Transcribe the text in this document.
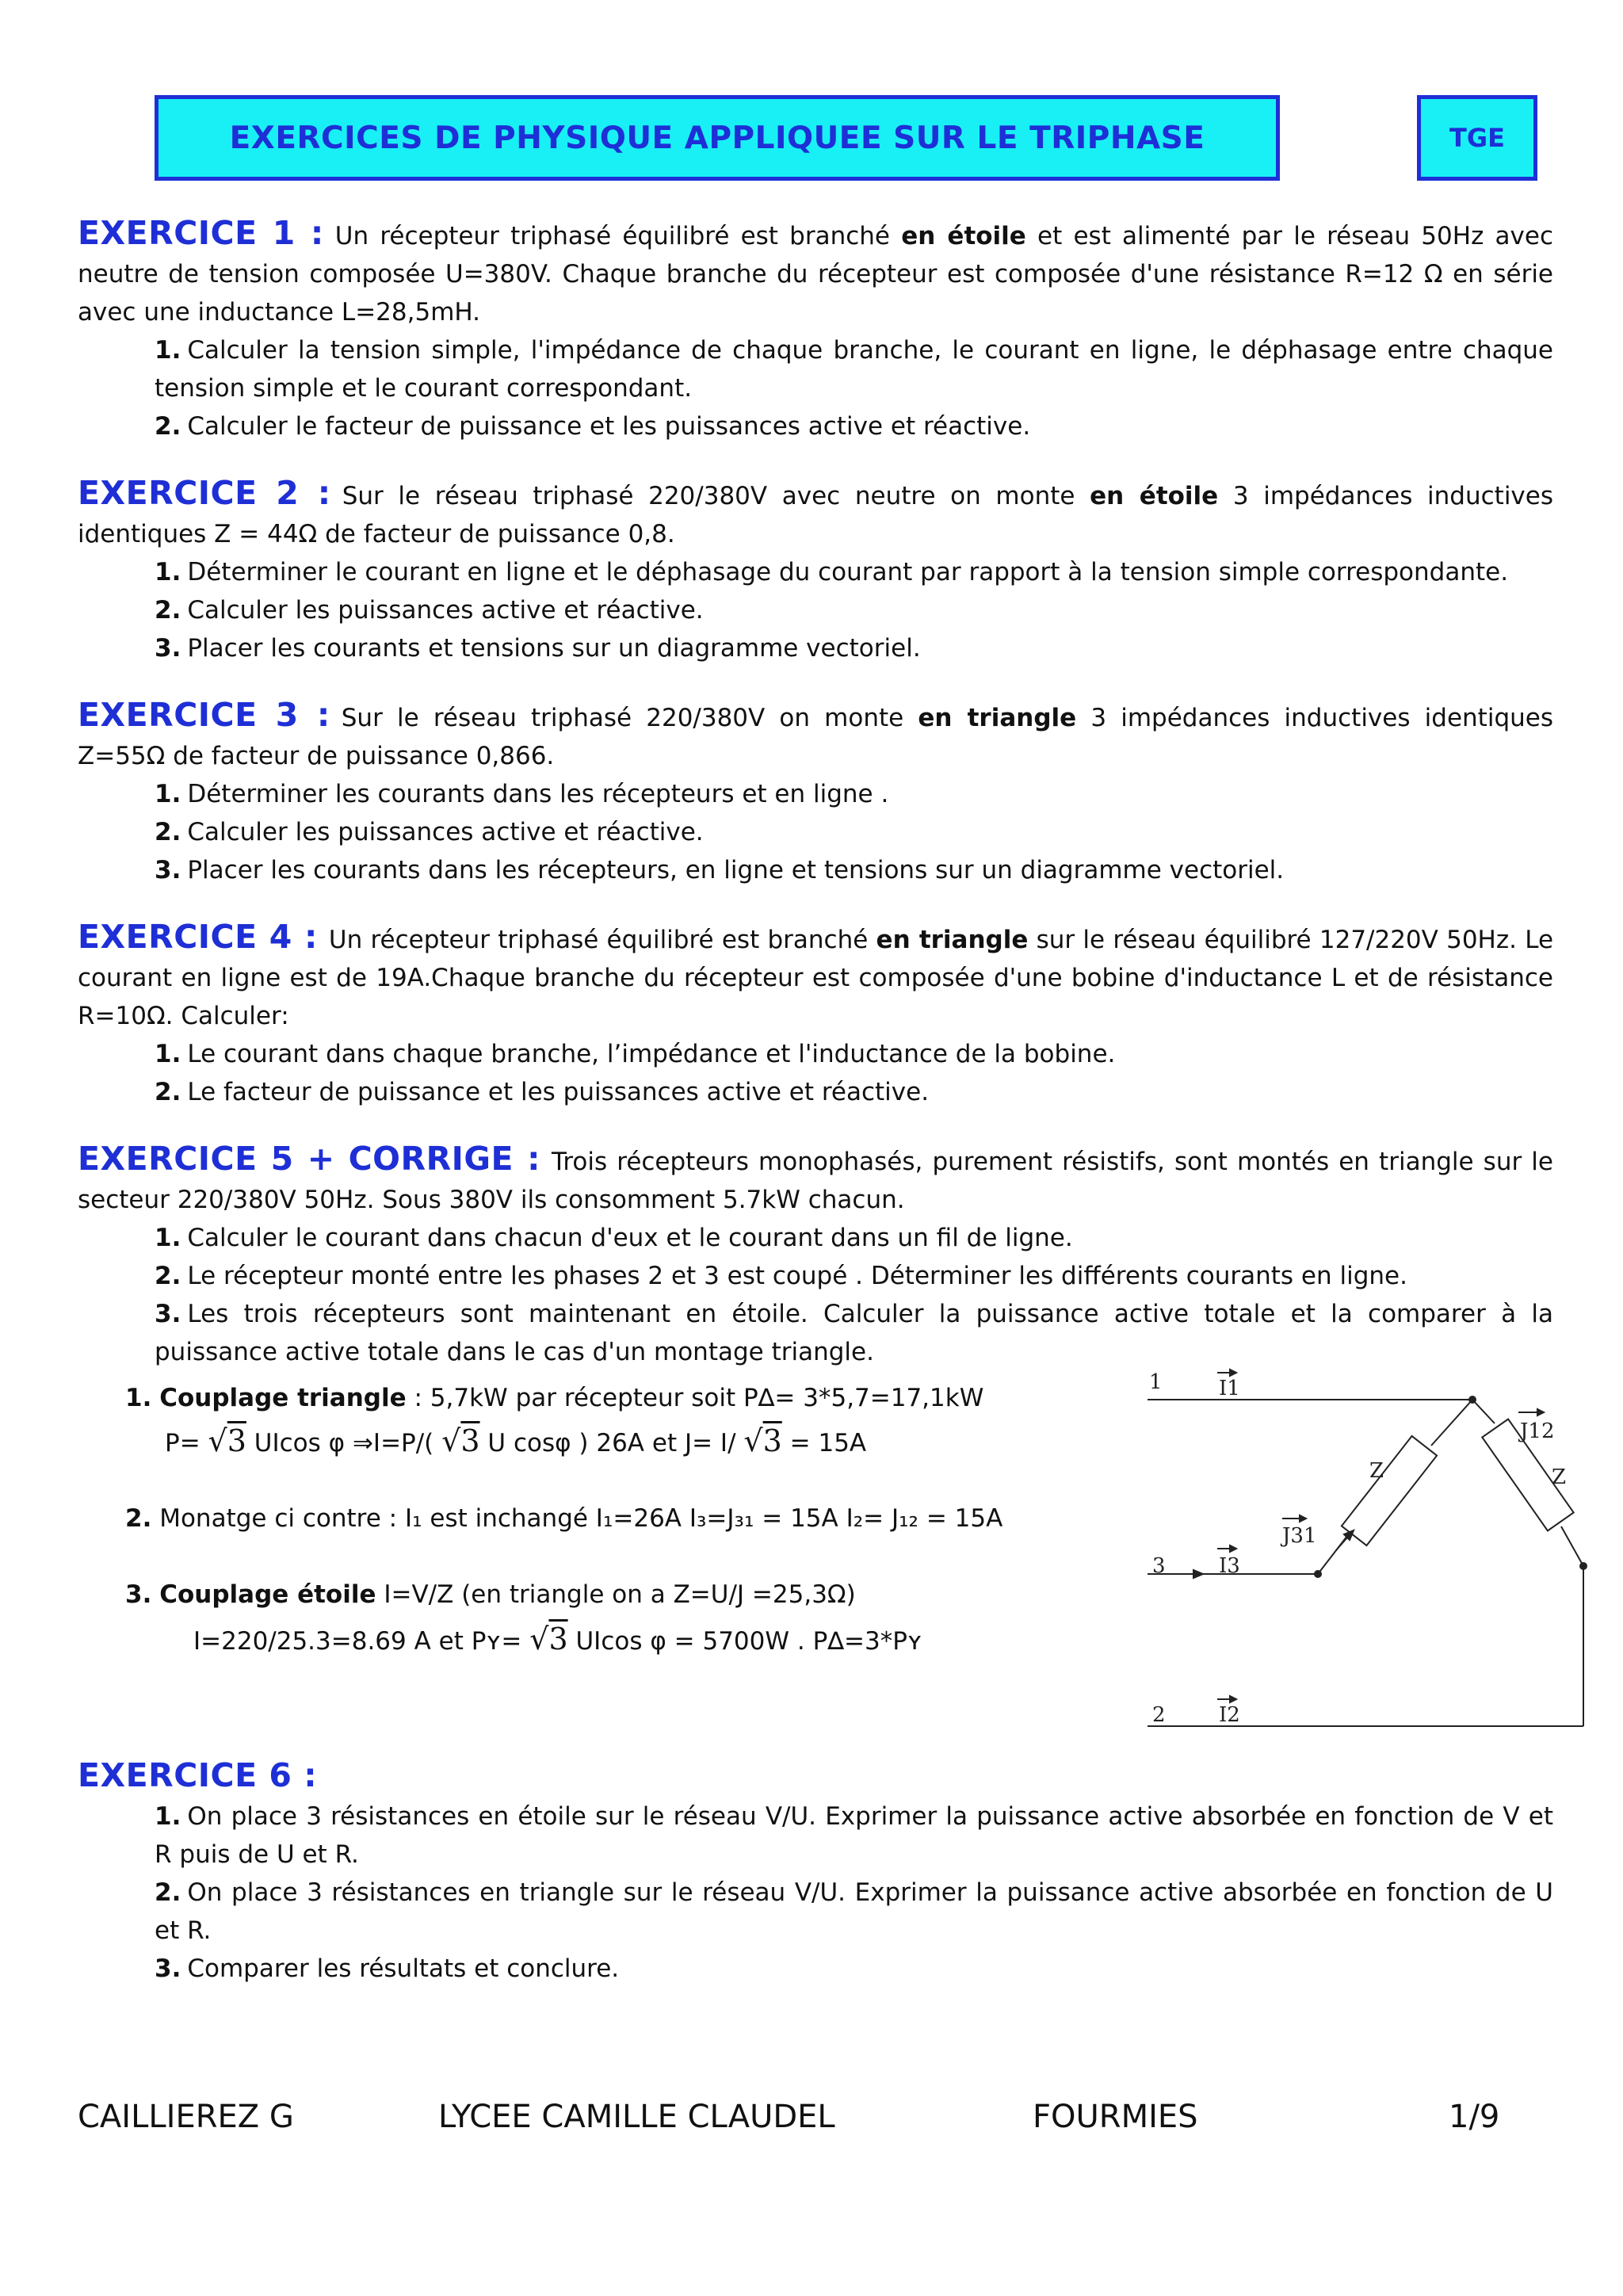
EXERCICES DE PHYSIQUE APPLIQUEE SUR LE TRIPHASE	TGE

EXERCICE 1 : Un récepteur triphasé équilibré est branché en étoile et est alimenté par le réseau 50Hz avec neutre de tension composée U=380V. Chaque branche du récepteur est composée d'une résistance R=12 Ω en série avec une inductance L=28,5mH.

1. Calculer la tension simple, l'impédance de chaque branche, le courant en ligne, le déphasage entre chaque tension simple et le courant correspondant.
2. Calculer le facteur de puissance et les puissances active et réactive.

EXERCICE 2 : Sur le réseau triphasé 220/380V avec neutre on monte en étoile 3 impédances inductives identiques Z = 44Ω de facteur de puissance 0,8.

1. Déterminer le courant en ligne et le déphasage du courant par rapport à la tension simple correspondante.
2. Calculer les puissances active et réactive.
3. Placer les courants et tensions sur un diagramme vectoriel.

EXERCICE 3 : Sur le réseau triphasé 220/380V on monte en triangle 3 impédances inductives identiques Z=55Ω de facteur de puissance 0,866.

1. Déterminer les courants dans les récepteurs et en ligne .
2. Calculer les puissances active et réactive.
3. Placer les courants dans les récepteurs, en ligne et tensions sur un diagramme vectoriel.

EXERCICE 4 : Un récepteur triphasé équilibré est branché en triangle sur le réseau équilibré 127/220V 50Hz. Le courant en ligne est de 19A.Chaque branche du récepteur est composée d'une bobine d'inductance L et de résistance R=10Ω. Calculer:

1. Le courant dans chaque branche, l’impédance et l'inductance de la bobine.
2. Le facteur de puissance et les puissances active et réactive.

EXERCICE 5 + CORRIGE : Trois récepteurs monophasés, purement résistifs, sont montés en triangle sur le secteur 220/380V 50Hz. Sous 380V ils consomment 5.7kW chacun.

1. Calculer le courant dans chacun d'eux et le courant dans un fil de ligne.
2. Le récepteur monté entre les phases 2 et 3 est coupé . Déterminer les différents courants en ligne.
3. Les trois récepteurs sont maintenant en étoile. Calculer la puissance active totale et la comparer à la puissance active totale dans le cas d'un montage triangle.
1. Couplage triangle : 5,7kW par récepteur soit P∆= 3*5,7=17,1kW
P= √3 UIcos φ ⇒I=P/( √3 U cosφ ) 26A et J= I/ √3 = 15A
2. Monatge ci contre : I₁ est inchangé I₁=26A I₃=J₃₁ = 15A I₂= J₁₂ = 15A
3. Couplage étoile I=V/Z (en triangle on a Z=U/J =25,3Ω)
I=220/25.3=8.69 A et Pʏ= √3 UIcos φ = 5700W . P∆=3*Pʏ
1	I1
J12
Z	Z
J31
3	I3
2	I2

EXERCICE 6 :

1. On place 3 résistances en étoile sur le réseau V/U. Exprimer la puissance active absorbée en fonction de V et R puis de U et R.
2. On place 3 résistances en triangle sur le réseau V/U. Exprimer la puissance active absorbée en fonction de U et R.
3. Comparer les résultats et conclure.
CAILLIEREZ G	LYCEE CAMILLE CLAUDEL	FOURMIES	1/9
